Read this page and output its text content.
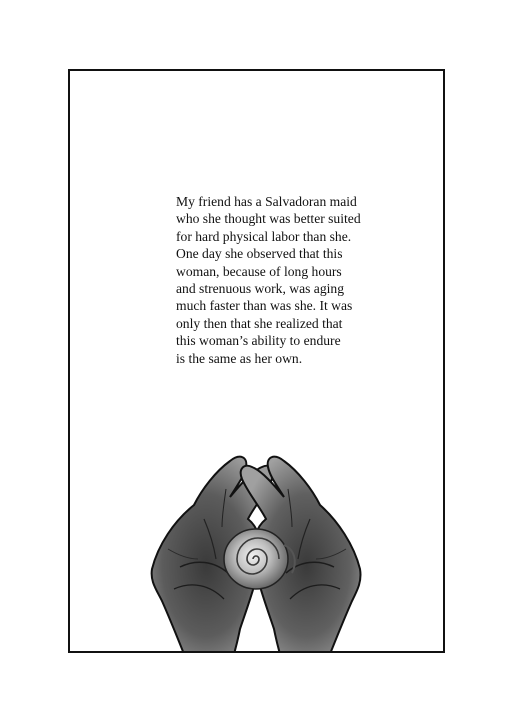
My friend has a Salvadoran maid
who she thought was better suited
for hard physical labor than she.
One day she observed that this
woman, because of long hours
and strenuous work, was aging
much faster than was she. It was
only then that she realized that
this woman’s ability to endure
is the same as her own.
